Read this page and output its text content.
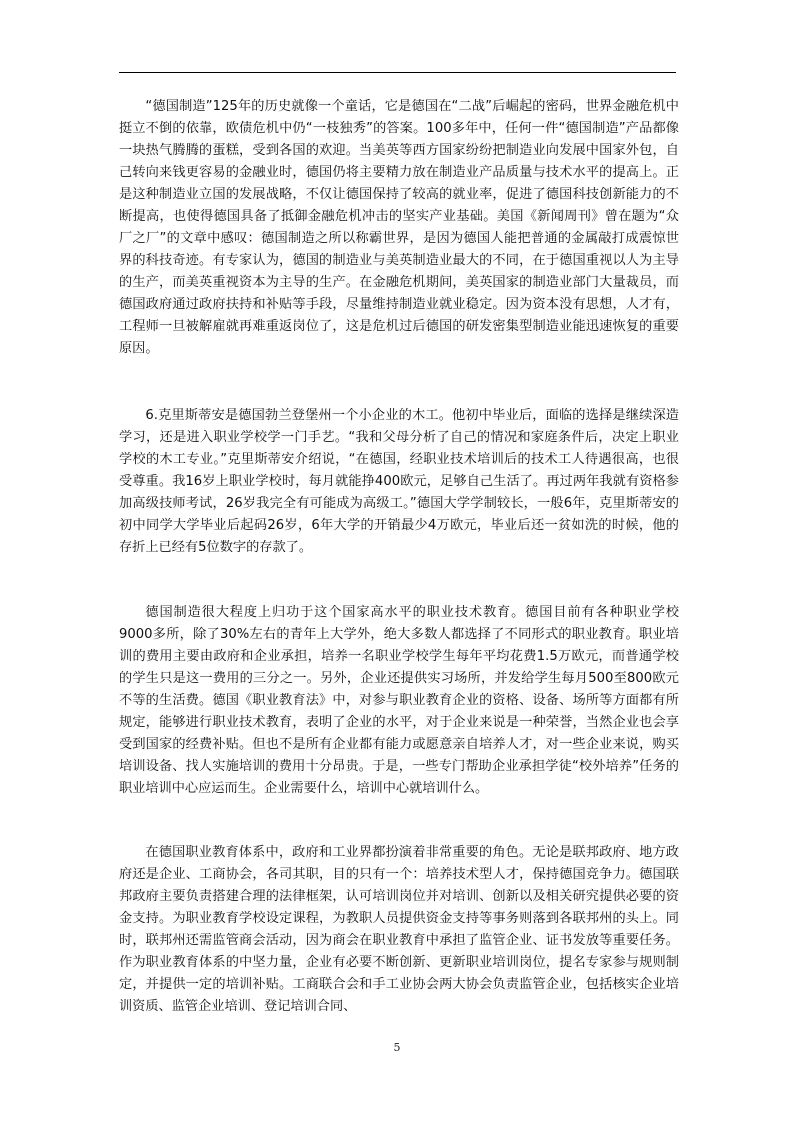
“德国制造”125年的历史就像一个童话，它是德国在“二战”后崛起的密码，世界金融危机中挺立不倒的依靠，欧债危机中仍“一枝独秀”的答案。100多年中，任何一件“德国制造”产品都像一块热气腾腾的蛋糕，受到各国的欢迎。当美英等西方国家纷纷把制造业向发展中国家外包，自己转向来钱更容易的金融业时，德国仍将主要精力放在制造业产品质量与技术水平的提高上。正是这种制造业立国的发展战略，不仅让德国保持了较高的就业率，促进了德国科技创新能力的不断提高，也使得德国具备了抵御金融危机冲击的坚实产业基础。美国《新闻周刊》曾在题为“众厂之厂”的文章中感叹：德国制造之所以称霸世界，是因为德国人能把普通的金属敲打成震惊世界的科技奇迹。有专家认为，德国的制造业与美英制造业最大的不同，在于德国重视以人为主导的生产，而美英重视资本为主导的生产。在金融危机期间，美英国家的制造业部门大量裁员，而德国政府通过政府扶持和补贴等手段，尽量维持制造业就业稳定。因为资本没有思想，人才有，工程师一旦被解雇就再难重返岗位了，这是危机过后德国的研发密集型制造业能迅速恢复的重要原因。

6.克里斯蒂安是德国勃兰登堡州一个小企业的木工。他初中毕业后，面临的选择是继续深造学习，还是进入职业学校学一门手艺。“我和父母分析了自己的情况和家庭条件后，决定上职业学校的木工专业。”克里斯蒂安介绍说，“在德国，经职业技术培训后的技术工人待遇很高，也很受尊重。我16岁上职业学校时，每月就能挣400欧元，足够自己生活了。再过两年我就有资格参加高级技师考试，26岁我完全有可能成为高级工。”德国大学学制较长，一般6年，克里斯蒂安的初中同学大学毕业后起码26岁，6年大学的开销最少4万欧元，毕业后还一贫如洗的时候，他的存折上已经有5位数字的存款了。

德国制造很大程度上归功于这个国家高水平的职业技术教育。德国目前有各种职业学校9000多所，除了30%左右的青年上大学外，绝大多数人都选择了不同形式的职业教育。职业培训的费用主要由政府和企业承担，培养一名职业学校学生每年平均花费1.5万欧元，而普通学校的学生只是这一费用的三分之一。另外，企业还提供实习场所，并发给学生每月500至800欧元不等的生活费。德国《职业教育法》中，对参与职业教育企业的资格、设备、场所等方面都有所规定，能够进行职业技术教育，表明了企业的水平，对于企业来说是一种荣誉，当然企业也会享受到国家的经费补贴。但也不是所有企业都有能力或愿意亲自培养人才，对一些企业来说，购买培训设备、找人实施培训的费用十分昂贵。于是，一些专门帮助企业承担学徒“校外培养”任务的职业培训中心应运而生。企业需要什么，培训中心就培训什么。

在德国职业教育体系中，政府和工业界都扮演着非常重要的角色。无论是联邦政府、地方政府还是企业、工商协会，各司其职，目的只有一个：培养技术型人才，保持德国竞争力。德国联邦政府主要负责搭建合理的法律框架，认可培训岗位并对培训、创新以及相关研究提供必要的资金支持。为职业教育学校设定课程，为教职人员提供资金支持等事务则落到各联邦州的头上。同时，联邦州还需监管商会活动，因为商会在职业教育中承担了监管企业、证书发放等重要任务。作为职业教育体系的中坚力量，企业有必要不断创新、更新职业培训岗位，提名专家参与规则制定，并提供一定的培训补贴。工商联合会和手工业协会两大协会负责监管企业，包括核实企业培训资质、监管企业培训、登记培训合同、

5
